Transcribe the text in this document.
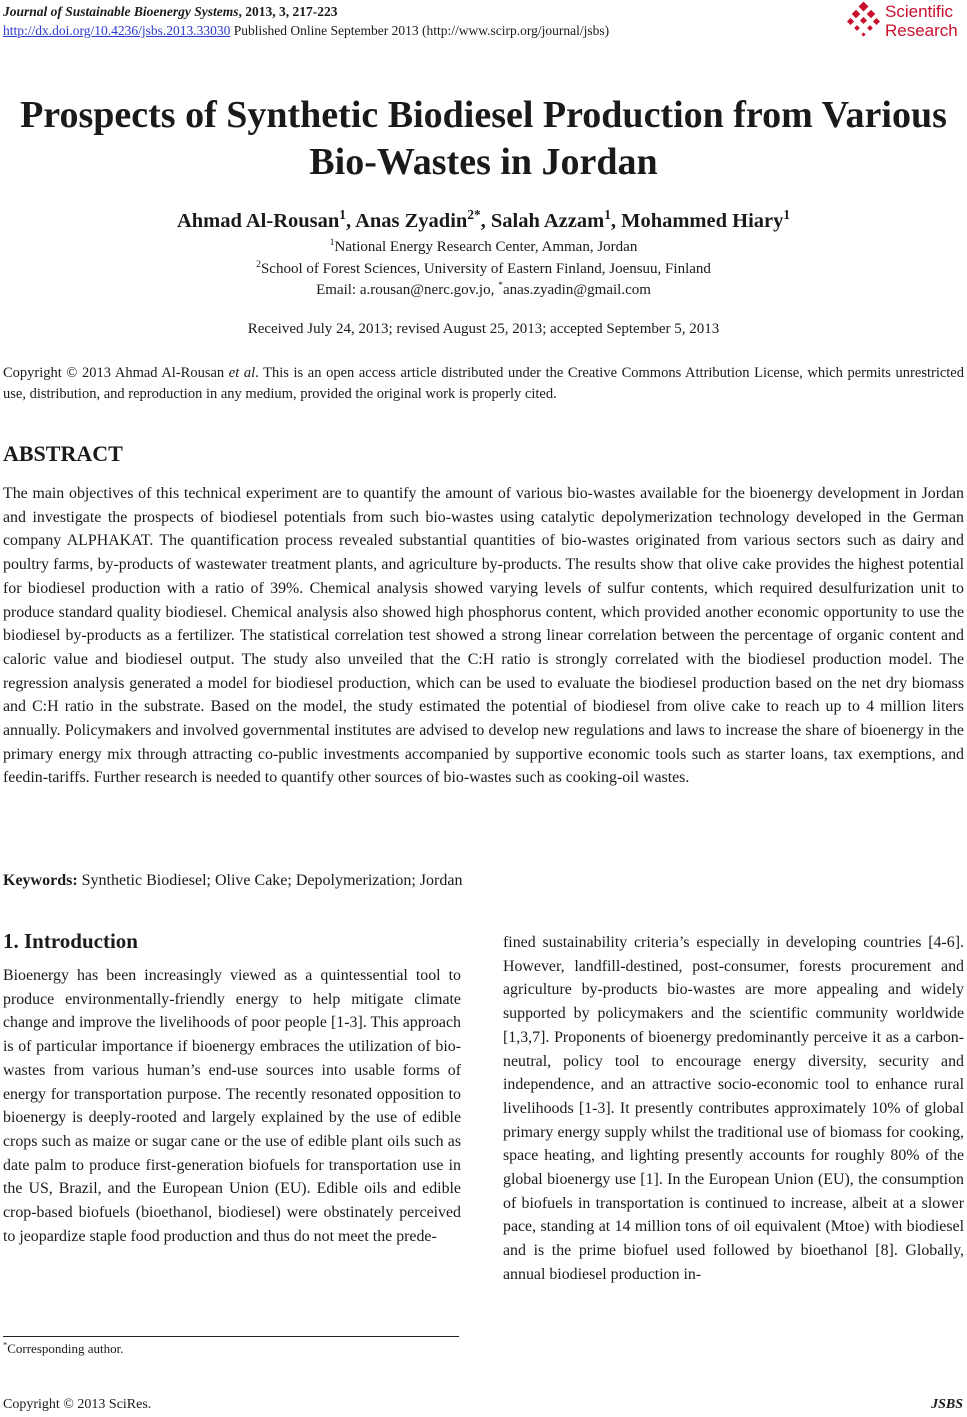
Journal of Sustainable Bioenergy Systems, 2013, 3, 217-223
http://dx.doi.org/10.4236/jsbs.2013.33030 Published Online September 2013 (http://www.scirp.org/journal/jsbs)
Scientific
Research
Prospects of Synthetic Biodiesel Production from Various
Bio-Wastes in Jordan
Ahmad Al-Rousan$^1$, Anas Zyadin$^{2*}$, Salah Azzam$^1$, Mohammed Hiary$^1$
$^1$National Energy Research Center, Amman, Jordan
$^2$School of Forest Sciences, University of Eastern Finland, Joensuu, Finland
Email: a.rousan@nerc.gov.jo, *anas.zyadin@gmail.com
Received July 24, 2013; revised August 25, 2013; accepted September 5, 2013
Copyright © 2013 Ahmad Al-Rousan et al. This is an open access article distributed under the Creative Commons Attribution License, which permits unrestricted use, distribution, and reproduction in any medium, provided the original work is properly cited.
ABSTRACT
The main objectives of this technical experiment are to quantify the amount of various bio-wastes available for the bioenergy development in Jordan and investigate the prospects of biodiesel potentials from such bio-wastes using catalytic depolymerization technology developed in the German company ALPHAKAT. The quantification process revealed substantial quantities of bio-wastes originated from various sectors such as dairy and poultry farms, by-products of wastewater treatment plants, and agriculture by-products. The results show that olive cake provides the highest potential for biodiesel production with a ratio of 39%. Chemical analysis showed varying levels of sulfur contents, which required desulfurization unit to produce standard quality biodiesel. Chemical analysis also showed high phosphorus content, which provided another economic opportunity to use the biodiesel by-products as a fertilizer. The statistical correlation test showed a strong linear correlation between the percentage of organic content and caloric value and biodiesel output. The study also unveiled that the C:H ratio is strongly correlated with the biodiesel production model. The regression analysis generated a model for biodiesel production, which can be used to evaluate the biodiesel production based on the net dry biomass and C:H ratio in the substrate. Based on the model, the study estimated the potential of biodiesel from olive cake to reach up to 4 million liters annually. Policymakers and involved governmental institutes are advised to develop new regulations and laws to increase the share of bioenergy in the primary energy mix through attracting co-public investments accompanied by supportive economic tools such as starter loans, tax exemptions, and feedin-tariffs. Further research is needed to quantify other sources of bio-wastes such as cooking-oil wastes.
Keywords: Synthetic Biodiesel; Olive Cake; Depolymerization; Jordan
1. Introduction
Bioenergy has been increasingly viewed as a quintessential tool to produce environmentally-friendly energy to help mitigate climate change and improve the livelihoods of poor people [1-3]. This approach is of particular importance if bioenergy embraces the utilization of bio-wastes from various human’s end-use sources into usable forms of energy for transportation purpose. The recently resonated opposition to bioenergy is deeply-rooted and largely explained by the use of edible crops such as maize or sugar cane or the use of edible plant oils such as date palm to produce first-generation biofuels for transportation use in the US, Brazil, and the European Union (EU). Edible oils and edible crop-based biofuels (bioethanol, biodiesel) were obstinately perceived to jeopardize staple food production and thus do not meet the prede-
fined sustainability criteria’s especially in developing countries [4-6]. However, landfill-destined, post-consumer, forests procurement and agriculture by-products bio-wastes are more appealing and widely supported by policymakers and the scientific community worldwide [1,3,7]. Proponents of bioenergy predominantly perceive it as a carbon-neutral, policy tool to encourage energy diversity, security and independence, and an attractive socio-economic tool to enhance rural livelihoods [1-3]. It presently contributes approximately 10% of global primary energy supply whilst the traditional use of biomass for cooking, space heating, and lighting presently accounts for roughly 80% of the global bioenergy use [1]. In the European Union (EU), the consumption of biofuels in transportation is continued to increase, albeit at a slower pace, standing at 14 million tons of oil equivalent (Mtoe) with biodiesel and is the prime biofuel used followed by bioethanol [8]. Globally, annual biodiesel production in-
*Corresponding author.
Copyright © 2013 SciRes.	JSBS
